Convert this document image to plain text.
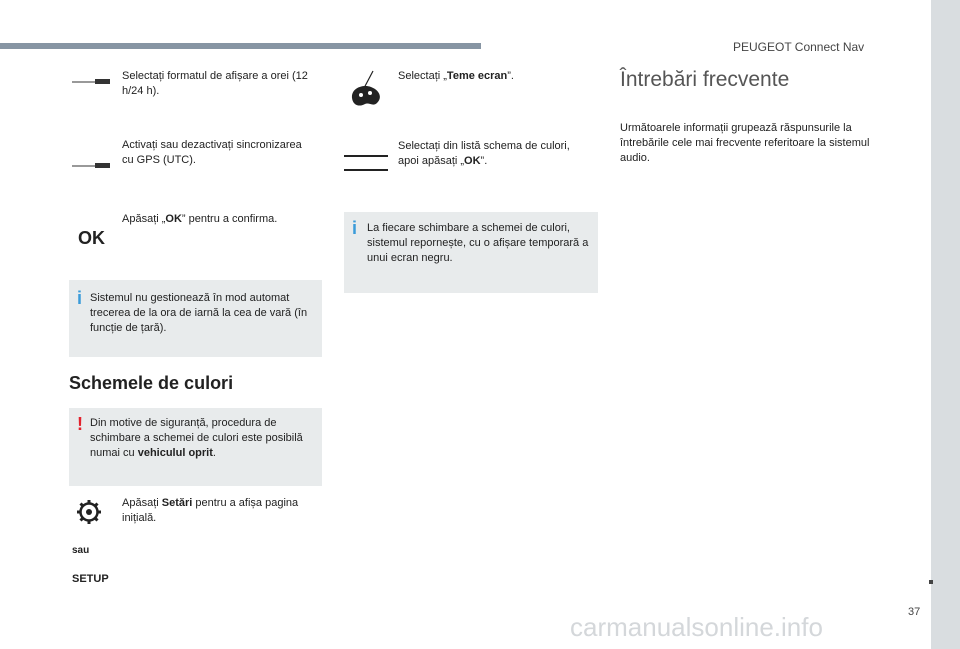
PEUGEOT Connect Nav
37
Selectați formatul de afișare a orei (12 h/24 h).
Activați sau dezactivați sincronizarea cu GPS (UTC).
OK
Apăsați „OK” pentru a confirma.
i Sistemul nu gestionează în mod automat trecerea de la ora de iarnă la cea de vară (în funcție de țară).
Schemele de culori
! Din motive de siguranță, procedura de schimbare a schemei de culori este posibilă numai cu vehiculul oprit.
Apăsați Setări pentru a afișa pagina inițială.
sau
SETUP
Selectați „Teme ecran”.
Selectați din listă schema de culori, apoi apăsați „OK”.
i La fiecare schimbare a schemei de culori, sistemul repornește, cu o afișare temporară a unui ecran negru.
Întrebări frecvente
Următoarele informații grupează răspunsurile la întrebările cele mai frecvente referitoare la sistemul audio.
carmanualsonline.info
